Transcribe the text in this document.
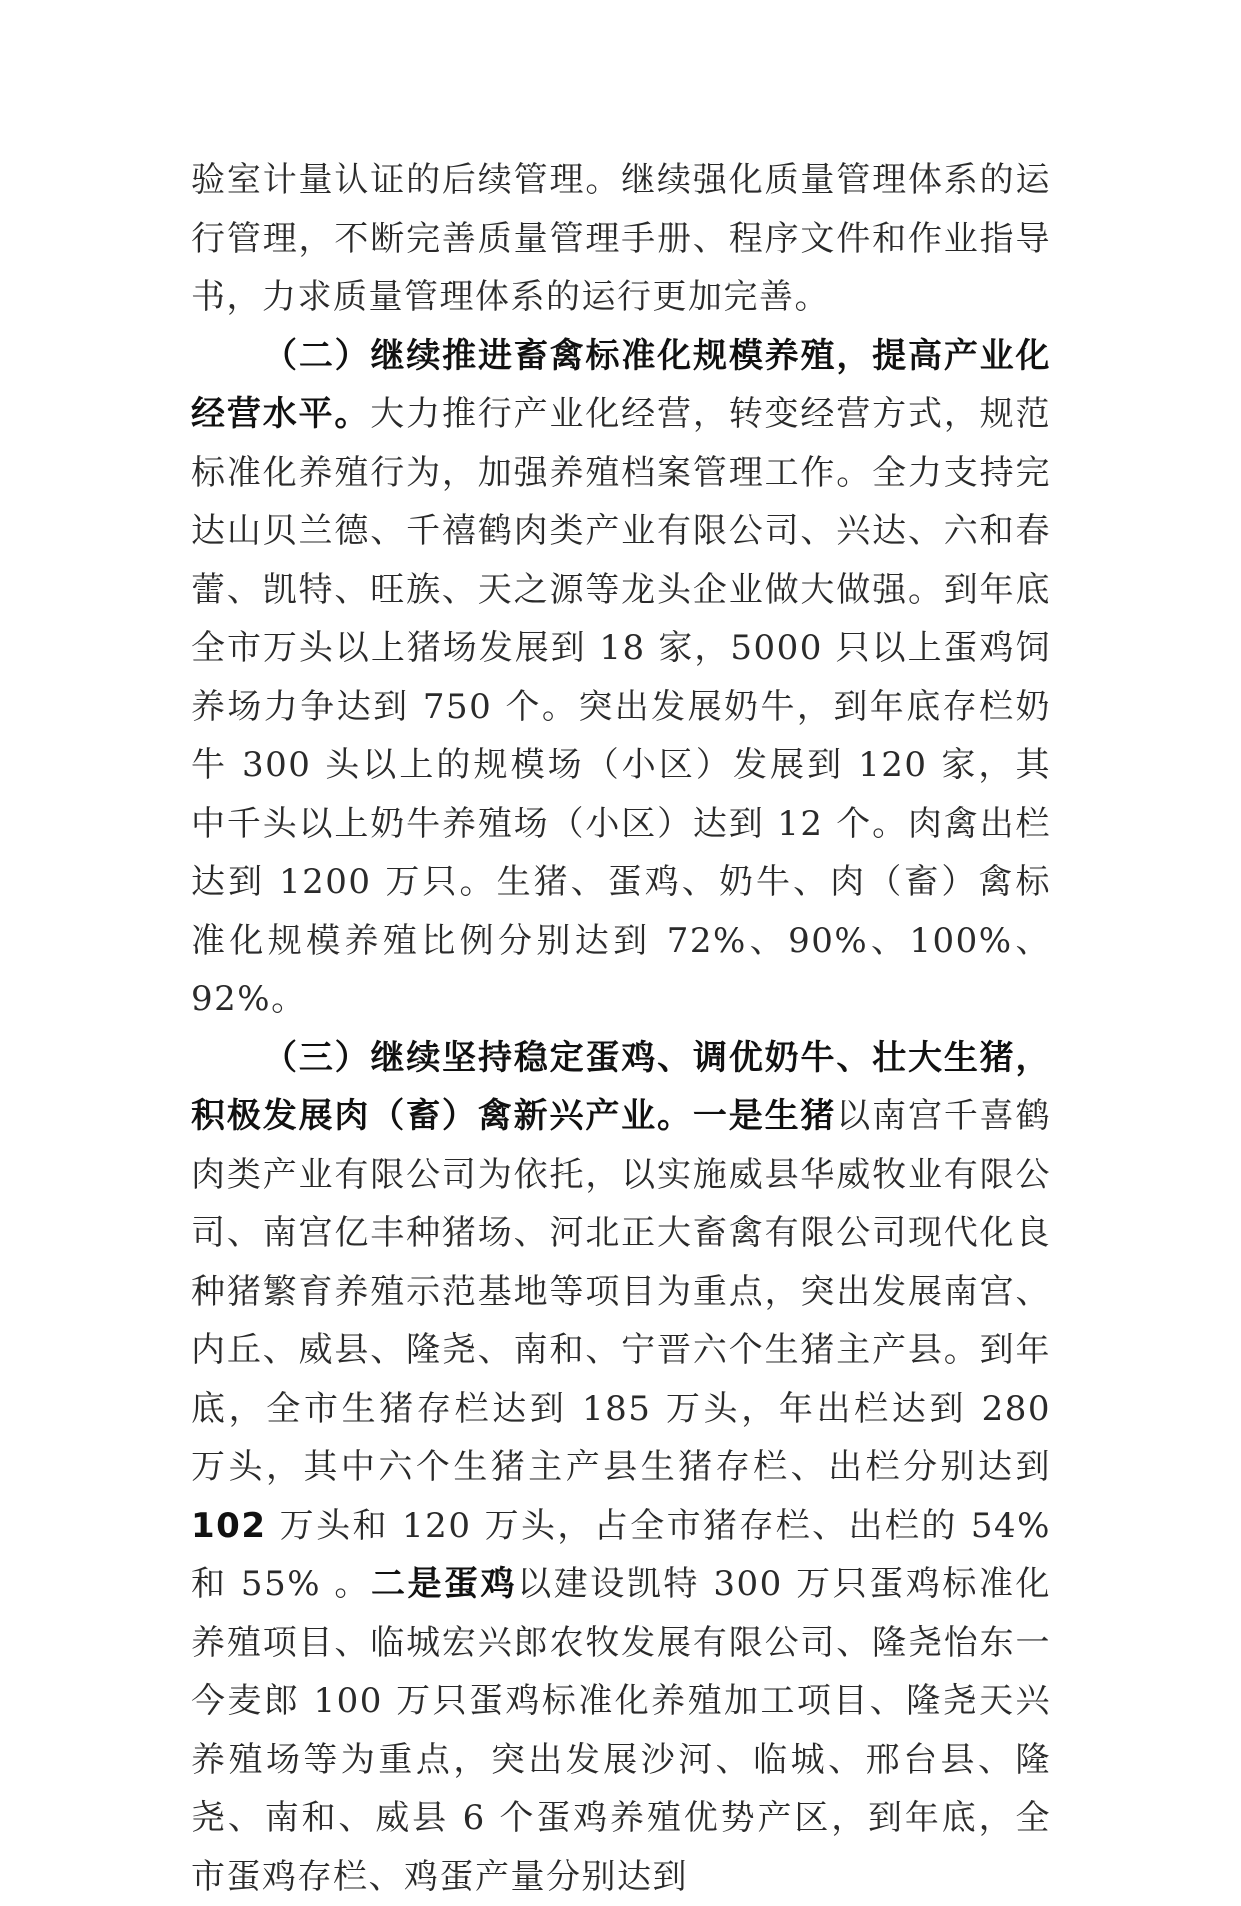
验室计量认证的后续管理。继续强化质量管理体系的运行管理，不断完善质量管理手册、程序文件和作业指导书，力求质量管理体系的运行更加完善。

（二）继续推进畜禽标准化规模养殖，提高产业化经营水平。大力推行产业化经营，转变经营方式，规范标准化养殖行为，加强养殖档案管理工作。全力支持完达山贝兰德、千禧鹤肉类产业有限公司、兴达、六和春蕾、凯特、旺族、天之源等龙头企业做大做强。到年底全市万头以上猪场发展到 18 家，5000 只以上蛋鸡饲养场力争达到 750 个。突出发展奶牛，到年底存栏奶牛 300 头以上的规模场（小区）发展到 120 家，其中千头以上奶牛养殖场（小区）达到 12 个。肉禽出栏达到 1200 万只。生猪、蛋鸡、奶牛、肉（畜）禽标准化规模养殖比例分别达到 72%、90%、100%、92%。

（三）继续坚持稳定蛋鸡、调优奶牛、壮大生猪，积极发展肉（畜）禽新兴产业。一是生猪以南宫千喜鹤肉类产业有限公司为依托，以实施威县华威牧业有限公司、南宫亿丰种猪场、河北正大畜禽有限公司现代化良种猪繁育养殖示范基地等项目为重点，突出发展南宫、内丘、威县、隆尧、南和、宁晋六个生猪主产县。到年底，全市生猪存栏达到 185 万头，年出栏达到 280 万头，其中六个生猪主产县生猪存栏、出栏分别达到 102 万头和 120 万头，占全市猪存栏、出栏的 54%和 55% 。二是蛋鸡以建设凯特 300 万只蛋鸡标准化养殖项目、临城宏兴郎农牧发展有限公司、隆尧怡东一今麦郎 100 万只蛋鸡标准化养殖加工项目、隆尧天兴养殖场等为重点，突出发展沙河、临城、邢台县、隆尧、南和、威县 6 个蛋鸡养殖优势产区，到年底，全市蛋鸡存栏、鸡蛋产量分别达到
